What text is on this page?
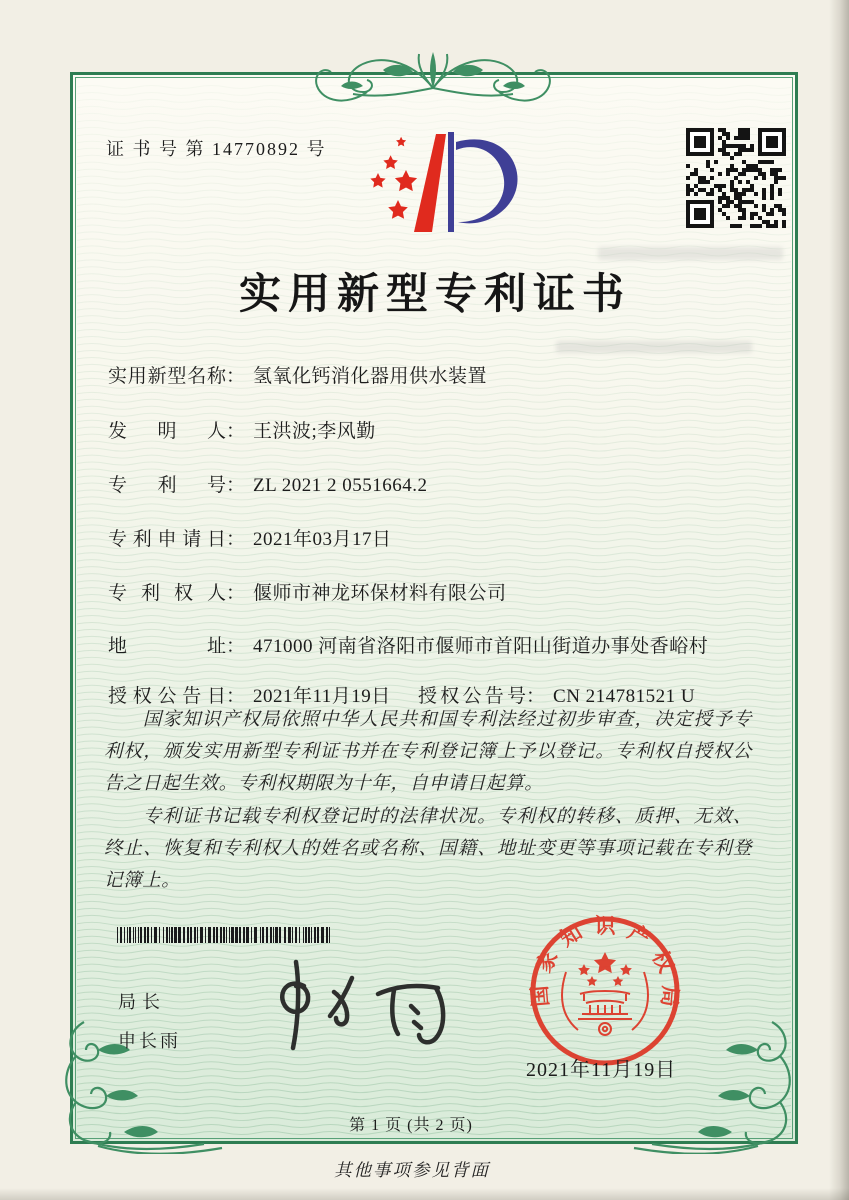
证 书 号 第 14770892 号
实用新型专利证书
实用新型名称： 氢氧化钙消化器用供水装置
发明人： 王洪波;李风勤
专利号： ZL 2021 2 0551664.2
专利申请日： 2021年03月17日
专利权人： 偃师市神龙环保材料有限公司
地址： 471000 河南省洛阳市偃师市首阳山街道办事处香峪村
授权公告日： 2021年11月19日 授权公告号： CN 214781521 U

国家知识产权局依照中华人民共和国专利法经过初步审查，决定授予专利权，颁发实用新型专利证书并在专利登记簿上予以登记。专利权自授权公告之日起生效。专利权期限为十年，自申请日起算。

专利证书记载专利权登记时的法律状况。专利权的转移、质押、无效、终止、恢复和专利权人的姓名或名称、国籍、地址变更等事项记载在专利登记簿上。

局长
申长雨
国家知识产权局
2021年11月19日
第 1 页 (共 2 页)
其他事项参见背面
